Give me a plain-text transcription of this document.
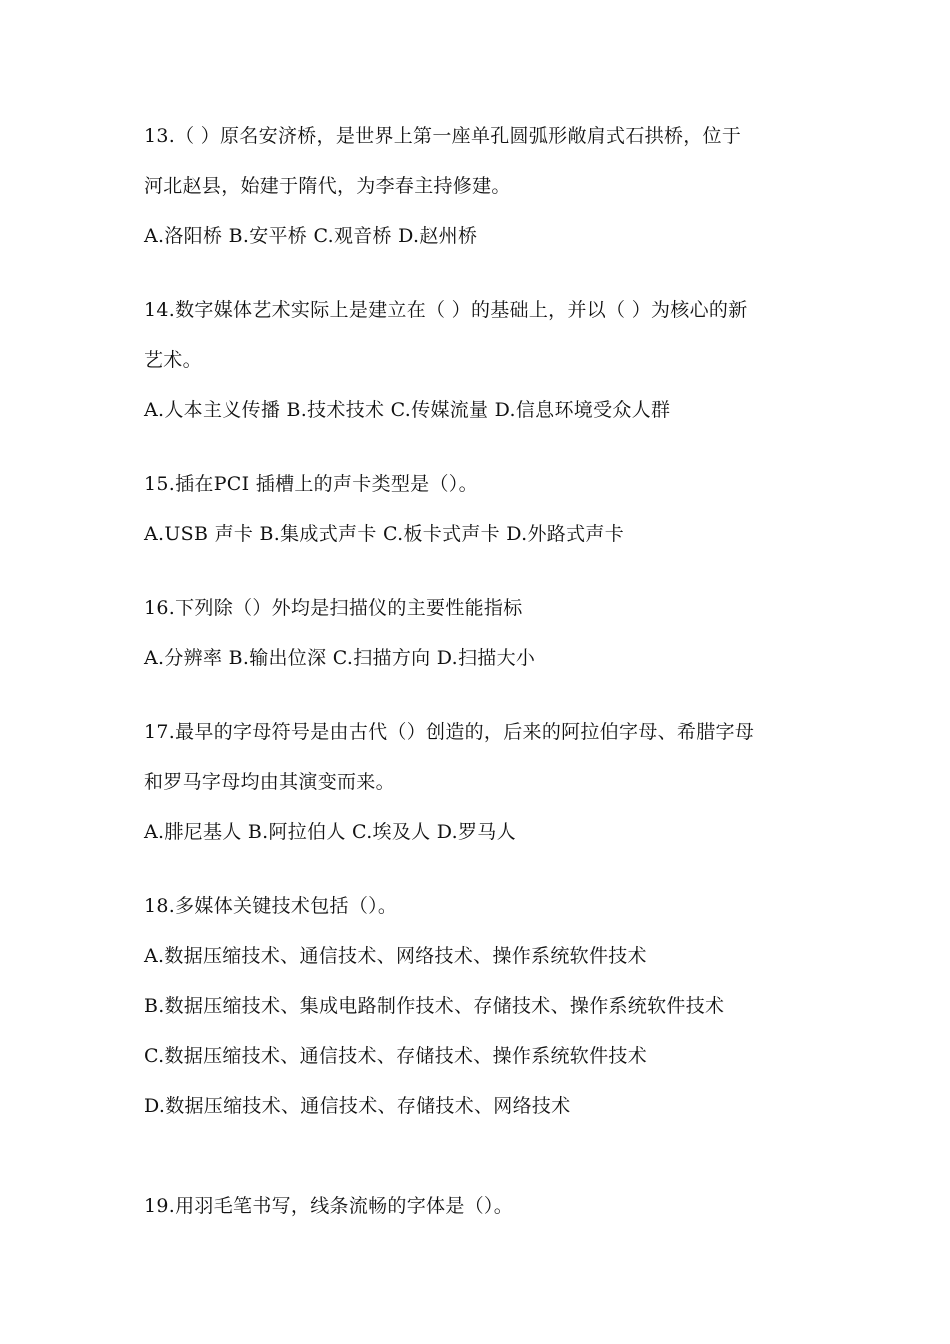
13.（ ）原名安济桥，是世界上第一座单孔圆弧形敞肩式石拱桥，位于
河北赵县，始建于隋代，为李春主持修建。
A.洛阳桥 B.安平桥 C.观音桥 D.赵州桥
14.数字媒体艺术实际上是建立在（ ）的基础上，并以（ ）为核心的新
艺术。
A.人本主义传播 B.技术技术 C.传媒流量 D.信息环境受众人群
15.插在PCI 插槽上的声卡类型是（）。
A.USB 声卡 B.集成式声卡 C.板卡式声卡 D.外路式声卡
16.下列除（）外均是扫描仪的主要性能指标
A.分辨率 B.输出位深 C.扫描方向 D.扫描大小
17.最早的字母符号是由古代（）创造的，后来的阿拉伯字母、希腊字母
和罗马字母均由其演变而来。
A.腓尼基人 B.阿拉伯人 C.埃及人 D.罗马人
18.多媒体关键技术包括（）。
A.数据压缩技术、通信技术、网络技术、操作系统软件技术
B.数据压缩技术、集成电路制作技术、存储技术、操作系统软件技术
C.数据压缩技术、通信技术、存储技术、操作系统软件技术
D.数据压缩技术、通信技术、存储技术、网络技术
19.用羽毛笔书写，线条流畅的字体是（）。
